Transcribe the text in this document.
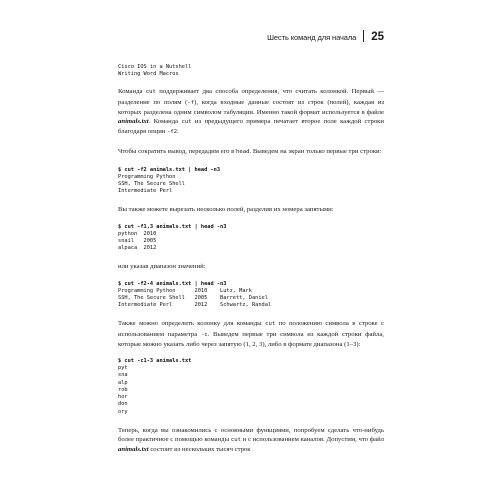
Шесть команд для начала 25
Cisco IOS in a Nutshell
Writing Word Macros

Команда cut поддерживает два способа определения, что считать колонкой. Первый — разделение по полям (-f), когда входные данные состоят из строк (полей), каждая из которых разделена одним символом табуляции. Именно такой формат используется в файле animals.txt. Команда cut из предыдущего примера печатает второе поле каждой строки благодаря опции -f2.

Чтобы сократить вывод, передадим его в head. Выведем на экран только первые три строки:

$ cut -f2 animals.txt | head -n3
Programming Python
SSH, The Secure Shell
Intermediate Perl

Вы также можете вырезать несколько полей, разделив их номера запятыми:

$ cut -f1,3 animals.txt | head -n3
python  2010
snail   2005
alpaca  2012

или указав диапазон значений:

$ cut -f2-4 animals.txt | head -n3
Programming Python      2010    Lutz, Mark
SSH, The Secure Shell   2005    Barrett, Daniel
Intermediate Perl       2012    Schwartz, Randal

Также можно определить колонку для команды cut по положению символа в строке с использованием параметра -c. Выведем первые три символа из каждой строки файла, которые можно указать либо через запятую (1, 2, 3), либо в формате диапазона (1–3):

$ cut -c1-3 animals.txt
pyt
sna
alp
rob
hor
don
ory

Теперь, когда вы ознакомились с основными функциями, попробуем сделать что-нибудь более практичное с помощью команды cut и с использованием каналов. Допустим, что файл animals.txt состоит из нескольких тысяч строк
